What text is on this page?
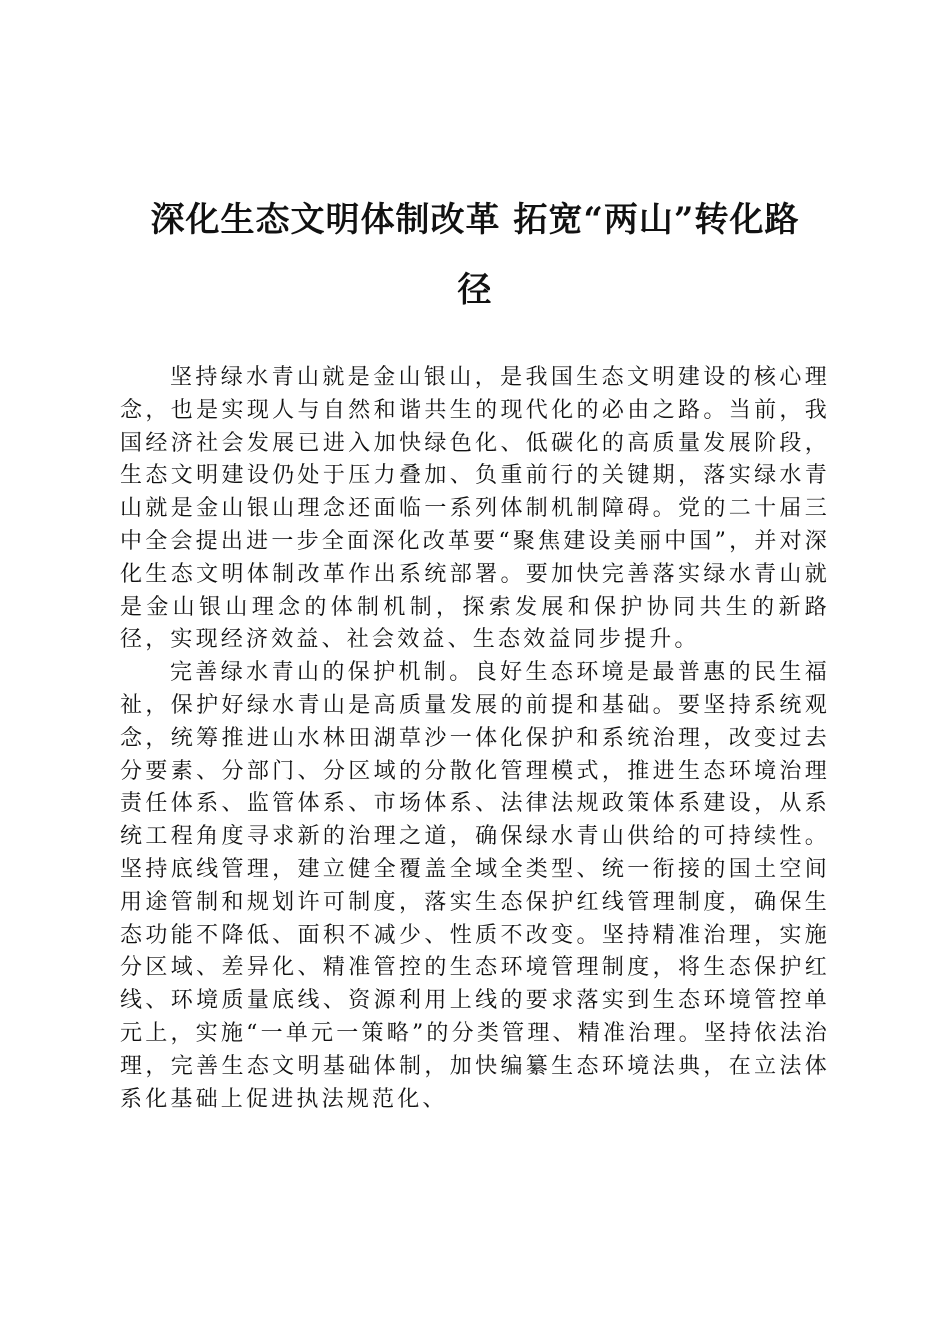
深化生态文明体制改革 拓宽“两山”转化路
径

坚持绿水青山就是金山银山，是我国生态文明建设的核心理念，也是实现人与自然和谐共生的现代化的必由之路。当前，我国经济社会发展已进入加快绿色化、低碳化的高质量发展阶段，生态文明建设仍处于压力叠加、负重前行的关键期，落实绿水青山就是金山银山理念还面临一系列体制机制障碍。党的二十届三中全会提出进一步全面深化改革要“聚焦建设美丽中国”，并对深化生态文明体制改革作出系统部署。要加快完善落实绿水青山就是金山银山理念的体制机制，探索发展和保护协同共生的新路径，实现经济效益、社会效益、生态效益同步提升。

完善绿水青山的保护机制。良好生态环境是最普惠的民生福祉，保护好绿水青山是高质量发展的前提和基础。要坚持系统观念，统筹推进山水林田湖草沙一体化保护和系统治理，改变过去分要素、分部门、分区域的分散化管理模式，推进生态环境治理责任体系、监管体系、市场体系、法律法规政策体系建设，从系统工程角度寻求新的治理之道，确保绿水青山供给的可持续性。坚持底线管理，建立健全覆盖全域全类型、统一衔接的国土空间用途管制和规划许可制度，落实生态保护红线管理制度，确保生态功能不降低、面积不减少、性质不改变。坚持精准治理，实施分区域、差异化、精准管控的生态环境管理制度，将生态保护红线、环境质量底线、资源利用上线的要求落实到生态环境管控单元上，实施“一单元一策略”的分类管理、精准治理。坚持依法治理，完善生态文明基础体制，加快编纂生态环境法典，在立法体系化基础上促进执法规范化、
